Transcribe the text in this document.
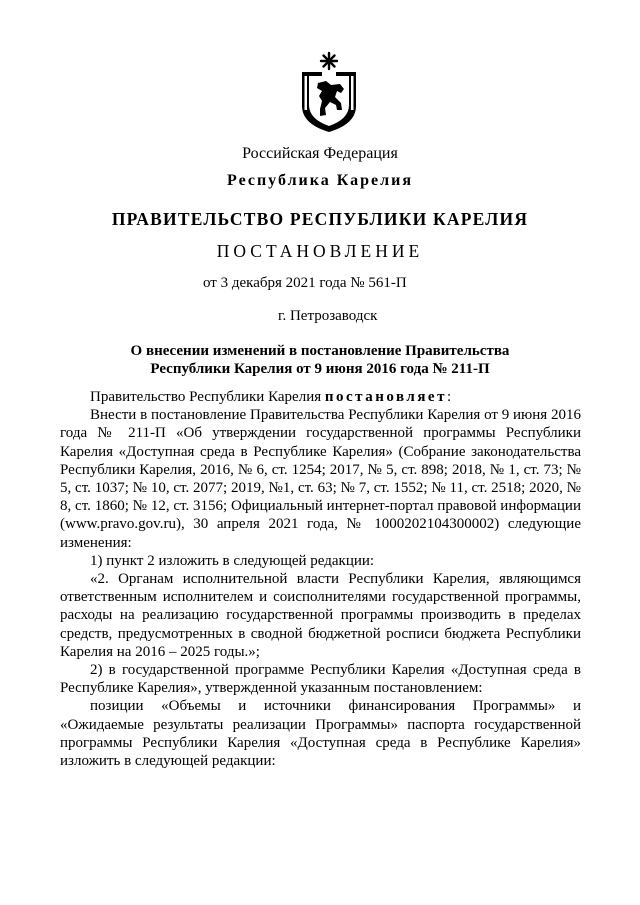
Российская Федерация
Республика Карелия
ПРАВИТЕЛЬСТВО РЕСПУБЛИКИ КАРЕЛИЯ
ПОСТАНОВЛЕНИЕ
от 3 декабря 2021 года № 561-П
г. Петрозаводск
О внесении изменений в постановление Правительства
Республики Карелия от 9 июня 2016 года № 211-П

Правительство Республики Карелия постановляет:

Внести в постановление Правительства Республики Карелия от 9 июня 2016 года № 211-П «Об утверждении государственной программы Республики Карелия «Доступная среда в Республике Карелия» (Собрание законодательства Республики Карелия, 2016, № 6, ст. 1254; 2017, № 5, ст. 898; 2018, № 1, ст. 73; № 5, ст. 1037; № 10, ст. 2077; 2019, №1, ст. 63; № 7, ст. 1552; № 11, ст. 2518; 2020, № 8, ст. 1860; № 12, ст. 3156; Официальный интернет-портал правовой информации (www.pravo.gov.ru), 30 апреля 2021 года, № 1000202104300002) следующие изменения:

1) пункт 2 изложить в следующей редакции:

«2. Органам исполнительной власти Республики Карелия, являющимся ответственным исполнителем и соисполнителями государственной программы, расходы на реализацию государственной программы производить в пределах средств, предусмотренных в сводной бюджетной росписи бюджета Республики Карелия на 2016 – 2025 годы.»;

2) в государственной программе Республики Карелия «Доступная среда в Республике Карелия», утвержденной указанным постановлением:

позиции «Объемы и источники финансирования Программы» и «Ожидаемые результаты реализации Программы» паспорта государственной программы Республики Карелия «Доступная среда в Республике Карелия» изложить в следующей редакции:
